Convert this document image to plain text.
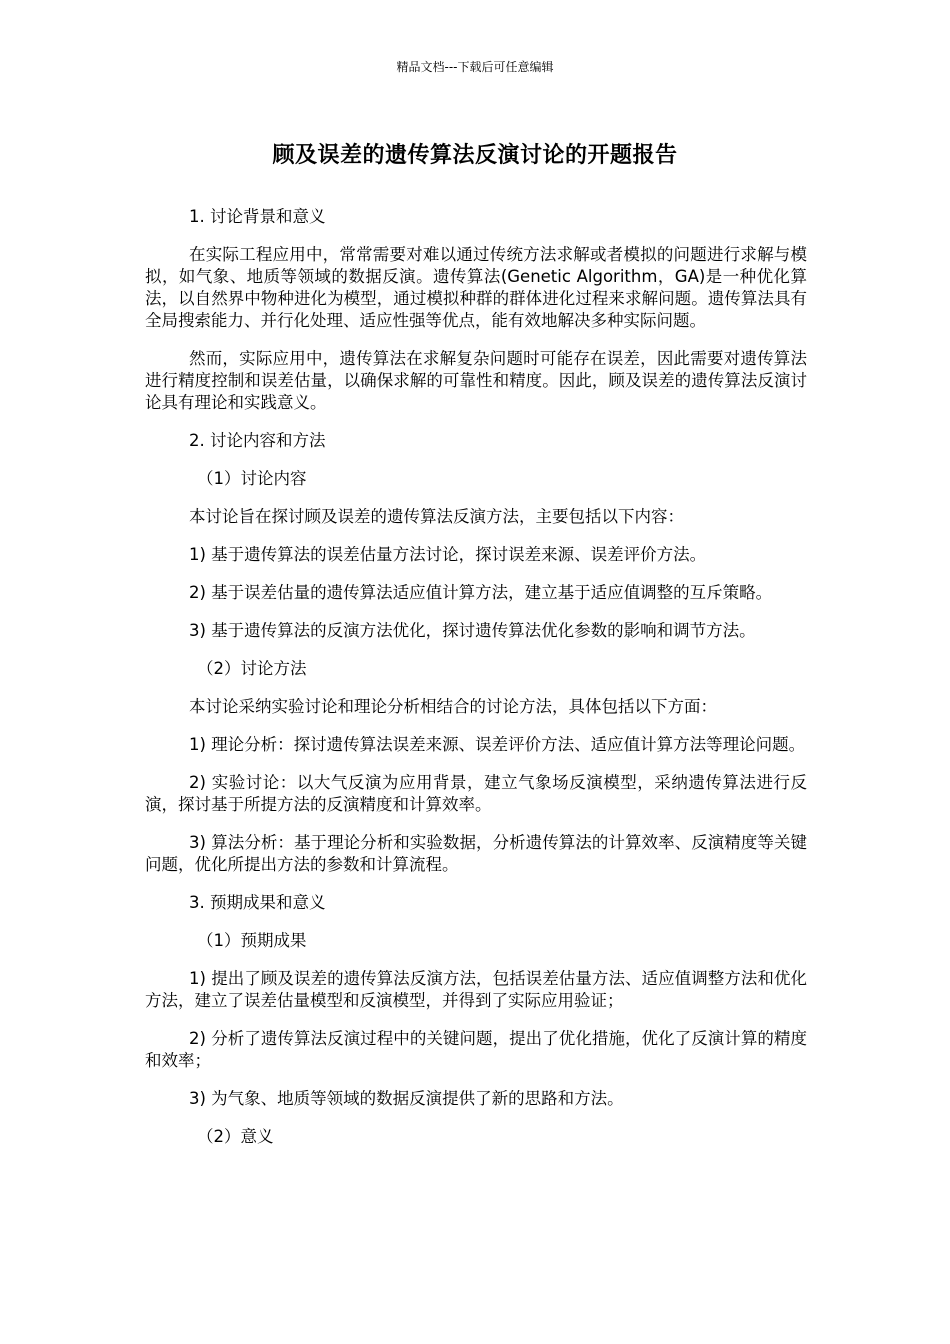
精品文档---下载后可任意编辑
顾及误差的遗传算法反演讨论的开题报告

1. 讨论背景和意义

在实际工程应用中，常常需要对难以通过传统方法求解或者模拟的问题进行求解与模拟，如气象、地质等领域的数据反演。遗传算法(Genetic Algorithm，GA)是一种优化算法，以自然界中物种进化为模型，通过模拟种群的群体进化过程来求解问题。遗传算法具有全局搜索能力、并行化处理、适应性强等优点，能有效地解决多种实际问题。

然而，实际应用中，遗传算法在求解复杂问题时可能存在误差，因此需要对遗传算法进行精度控制和误差估量，以确保求解的可靠性和精度。因此，顾及误差的遗传算法反演讨论具有理论和实践意义。

2. 讨论内容和方法

（1）讨论内容

本讨论旨在探讨顾及误差的遗传算法反演方法，主要包括以下内容：

1) 基于遗传算法的误差估量方法讨论，探讨误差来源、误差评价方法。

2) 基于误差估量的遗传算法适应值计算方法，建立基于适应值调整的互斥策略。

3) 基于遗传算法的反演方法优化，探讨遗传算法优化参数的影响和调节方法。

（2）讨论方法

本讨论采纳实验讨论和理论分析相结合的讨论方法，具体包括以下方面：

1) 理论分析：探讨遗传算法误差来源、误差评价方法、适应值计算方法等理论问题。

2) 实验讨论：以大气反演为应用背景，建立气象场反演模型，采纳遗传算法进行反演，探讨基于所提方法的反演精度和计算效率。

3) 算法分析：基于理论分析和实验数据，分析遗传算法的计算效率、反演精度等关键问题，优化所提出方法的参数和计算流程。

3. 预期成果和意义

（1）预期成果

1) 提出了顾及误差的遗传算法反演方法，包括误差估量方法、适应值调整方法和优化方法，建立了误差估量模型和反演模型，并得到了实际应用验证；

2) 分析了遗传算法反演过程中的关键问题，提出了优化措施，优化了反演计算的精度和效率；

3) 为气象、地质等领域的数据反演提供了新的思路和方法。

（2）意义
